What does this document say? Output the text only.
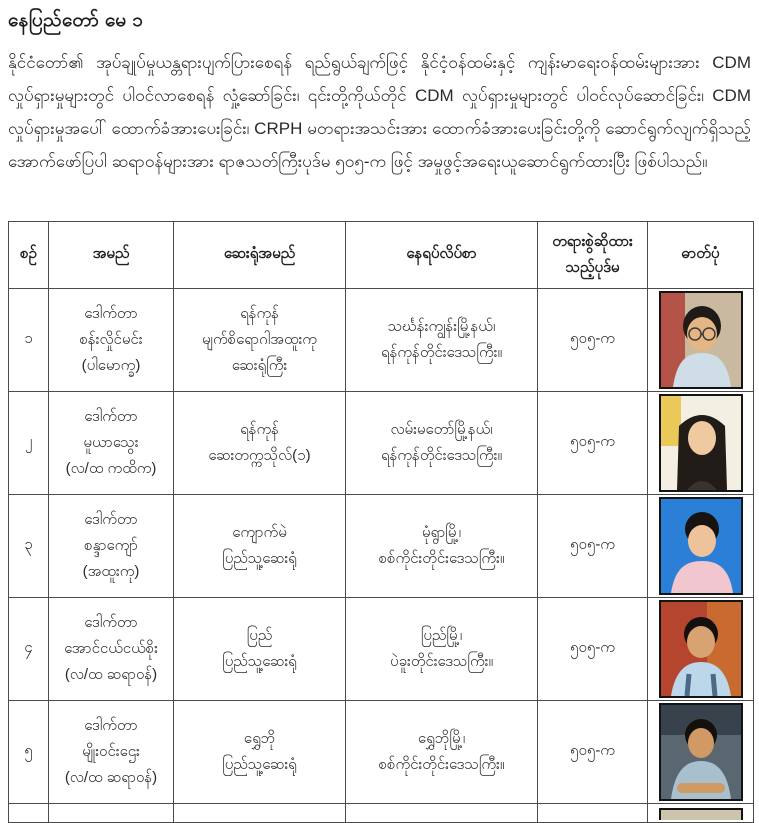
နေပြည်တော် မေ ၁
နိုင်ငံတော်၏ အုပ်ချုပ်မှုယန္တရားပျက်ပြားစေရန် ရည်ရွယ်ချက်ဖြင့် နိုင်ငံ့ဝန်ထမ်းနှင့် ကျန်းမာရေးဝန်ထမ်းများအား CDM လှုပ်ရှားမှုများတွင် ပါဝင်လာစေရန် လှုံ့ဆော်ခြင်း၊ ၎င်းတို့ကိုယ်တိုင် CDM လှုပ်ရှားမှုများတွင် ပါဝင်လုပ်ဆောင်ခြင်း၊ CDM လှုပ်ရှားမှုအပေါ် ထောက်ခံအားပေးခြင်း၊ CRPH မတရားအသင်းအား ထောက်ခံအားပေးခြင်းတို့ကို ဆောင်ရွက်လျက်ရှိသည့် အောက်ဖော်ပြပါ ဆရာဝန်များအား ရာဇသတ်ကြီးပုဒ်မ ၅၀၅-က ဖြင့် အမှုဖွင့်အရေးယူဆောင်ရွက်ထားပြီး ဖြစ်ပါသည်။
စဉ်	အမည်	ဆေးရုံအမည်	နေရပ်လိပ်စာ	တရားစွဲဆိုထား
သည့်ပုဒ်မ	ဓာတ်ပုံ
၁	ဒေါက်တာ
စန်းလှိုင်မင်း
(ပါမောက္ခ)	ရန်ကုန်
မျက်စိရောဂါအထူးကု
ဆေးရုံကြီး	သင်္ဃန်းကျွန်းမြို့နယ်၊
ရန်ကုန်တိုင်းဒေသကြီး။	၅၀၅-က	

၂	ဒေါက်တာ
မူယာသွေး
(လ/ထ ကထိက)	ရန်ကုန်
ဆေးတက္ကသိုလ်(၁)	လမ်းမတော်မြို့နယ်၊
ရန်ကုန်တိုင်းဒေသကြီး။	၅၀၅-က	

၃	ဒေါက်တာ
စန္ဒာကျော်
(အထူးကု)	ကျောက်မဲ
ပြည်သူ့ဆေးရုံ	မုံရွာမြို့၊
စစ်ကိုင်းတိုင်းဒေသကြီး။	၅၀၅-က	

၄	ဒေါက်တာ
အောင်ငယ်ငယ်စိုး
(လ/ထ ဆရာဝန်)	ပြည်
ပြည်သူ့ဆေးရုံ	ပြည်မြို့၊
ပဲခူးတိုင်းဒေသကြီး။	၅၀၅-က	

၅	ဒေါက်တာ
မျိုးဝင်းဌေး
(လ/ထ ဆရာဝန်)	ရွှေဘို
ပြည်သူ့ဆေးရုံ	ရွှေဘိုမြို့၊
စစ်ကိုင်းတိုင်းဒေသကြီး။	၅၀၅-က	
